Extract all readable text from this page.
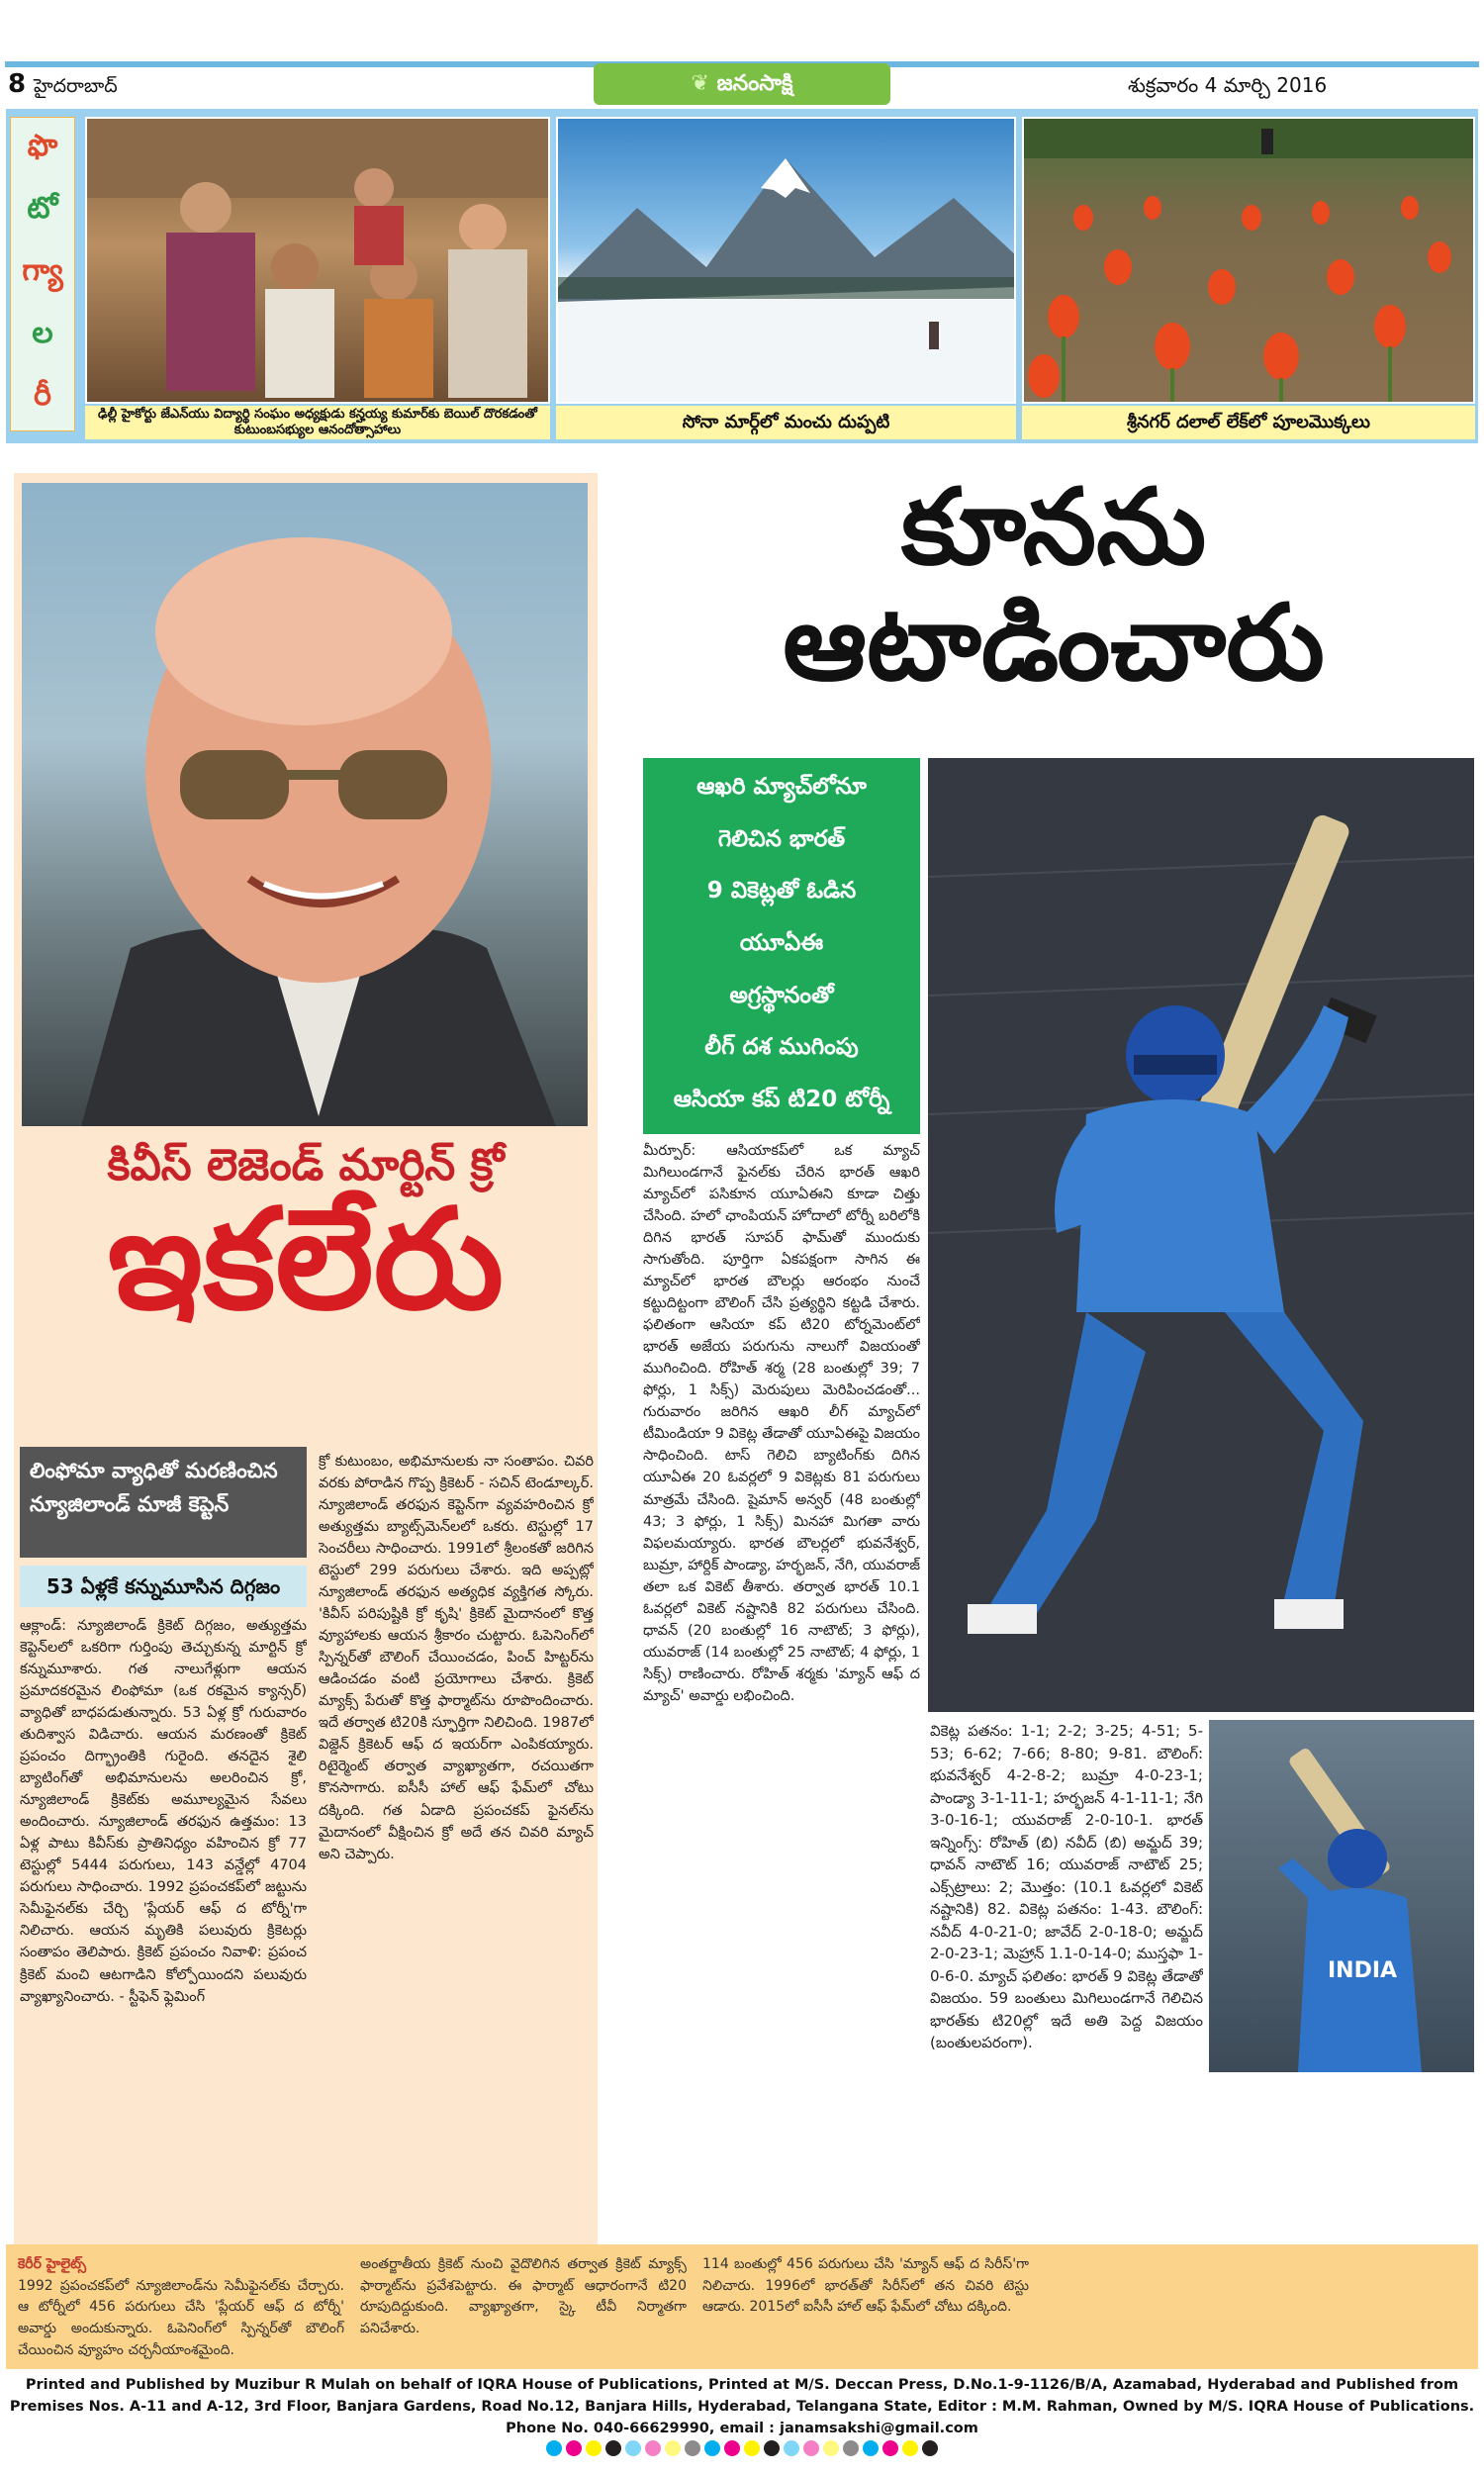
8 హైదరాబాద్	❦ జనంసాక్షి	శుక్రవారం 4 మార్చి 2016
ఫొ
టో
గ్యా
ల
రీ
ఢిల్లీ హైకోర్టు జేఎన్‌యు విద్యార్థి సంఘం అధ్యక్షుడు కన్హయ్య కుమార్‌కు బెయిల్ దొరకడంతో కుటుంబసభ్యుల ఆనందోత్సాహాలు	సోనా మార్గ్‌లో మంచు దుప్పటి	శ్రీనగర్ దలాల్ లేక్‌లో పూలమొక్కలు
కివీస్ లెజెండ్ మార్టిన్ క్రో
ఇకలేరు
లింఫోమా వ్యాధితో మరణించిన
న్యూజిలాండ్ మాజీ కెప్టెన్
53 ఏళ్లకే కన్నుమూసిన దిగ్గజం
ఆక్లాండ్: న్యూజిలాండ్ క్రికెట్ దిగ్గజం, అత్యుత్తమ కెప్టెన్‌లలో ఒకరిగా గుర్తింపు తెచ్చుకున్న మార్టిన్ క్రో కన్నుమూశారు. గత నాలుగేళ్లుగా ఆయన ప్రమాదకరమైన లింఫోమా (ఒక రకమైన క్యాన్సర్) వ్యాధితో బాధపడుతున్నారు. 53 ఏళ్ల క్రో గురువారం తుదిశ్వాస విడిచారు. ఆయన మరణంతో క్రికెట్ ప్రపంచం దిగ్భ్రాంతికి గురైంది. తనదైన శైలి బ్యాటింగ్‌తో అభిమానులను అలరించిన క్రో, న్యూజిలాండ్ క్రికెట్‌కు అమూల్యమైన సేవలు అందించారు. న్యూజిలాండ్ తరఫున ఉత్తమం: 13 ఏళ్ల పాటు కివీస్‌కు ప్రాతినిధ్యం వహించిన క్రో 77 టెస్టుల్లో 5444 పరుగులు, 143 వన్డేల్లో 4704 పరుగులు సాధించారు. 1992 ప్రపంచకప్‌లో జట్టును సెమీఫైనల్‌కు చేర్చి 'ప్లేయర్ ఆఫ్ ద టోర్నీ'గా నిలిచారు. ఆయన మృతికి పలువురు క్రికెటర్లు సంతాపం తెలిపారు. క్రికెట్ ప్రపంచం నివాళి: ప్రపంచ క్రికెట్ మంచి ఆటగాడిని కోల్పోయిందని పలువురు వ్యాఖ్యానించారు. - స్టీఫెన్ ఫ్లెమింగ్
క్రో కుటుంబం, అభిమానులకు నా సంతాపం. చివరి వరకు పోరాడిన గొప్ప క్రికెటర్ - సచిన్ టెండూల్కర్. న్యూజిలాండ్ తరఫున కెప్టెన్‌గా వ్యవహరించిన క్రో అత్యుత్తమ బ్యాట్స్‌మెన్‌లలో ఒకరు. టెస్టుల్లో 17 సెంచరీలు సాధించారు. 1991లో శ్రీలంకతో జరిగిన టెస్టులో 299 పరుగులు చేశారు. ఇది అప్పట్లో న్యూజిలాండ్ తరఫున అత్యధిక వ్యక్తిగత స్కోరు. 'కివీస్ పరిపుష్టికి క్రో కృషి' క్రికెట్ మైదానంలో కొత్త వ్యూహాలకు ఆయన శ్రీకారం చుట్టారు. ఓపెనింగ్‌లో స్పిన్నర్‌తో బౌలింగ్ చేయించడం, పించ్ హిట్టర్‌ను ఆడించడం వంటి ప్రయోగాలు చేశారు. క్రికెట్ మ్యాక్స్ పేరుతో కొత్త ఫార్మాట్‌ను రూపొందించారు. ఇదే తర్వాత టి20కి స్ఫూర్తిగా నిలిచింది. 1987లో విజ్డెన్ క్రికెటర్ ఆఫ్ ద ఇయర్‌గా ఎంపికయ్యారు. రిటైర్మెంట్ తర్వాత వ్యాఖ్యాతగా, రచయితగా కొనసాగారు. ఐసీసీ హాల్ ఆఫ్ ఫేమ్‌లో చోటు దక్కింది. గత ఏడాది ప్రపంచకప్ ఫైనల్‌ను మైదానంలో వీక్షించిన క్రో అదే తన చివరి మ్యాచ్ అని చెప్పారు.
కూనను
ఆటాడించారు
ఆఖరి మ్యాచ్‌లోనూ
గెలిచిన భారత్
9 వికెట్లతో ఓడిన
యూఏఈ
అగ్రస్థానంతో
లీగ్ దశ ముగింపు
ఆసియా కప్ టి20 టోర్నీ
మీర్పూర్: ఆసియాకప్‌లో ఒక మ్యాచ్ మిగిలుండగానే ఫైనల్‌కు చేరిన భారత్ ఆఖరి మ్యాచ్‌లో పసికూన యూఏఈని కూడా చిత్తు చేసింది. హలో ఛాంపియన్ హోదాలో టోర్నీ బరిలోకి దిగిన భారత్ సూపర్ ఫామ్‌తో ముందుకు సాగుతోంది. పూర్తిగా ఏకపక్షంగా సాగిన ఈ మ్యాచ్‌లో భారత బౌలర్లు ఆరంభం నుంచే కట్టుదిట్టంగా బౌలింగ్ చేసి ప్రత్యర్థిని కట్టడి చేశారు. ఫలితంగా ఆసియా కప్ టి20 టోర్నమెంట్‌లో భారత్ అజేయ పరుగును నాలుగో విజయంతో ముగించింది. రోహిత్ శర్మ (28 బంతుల్లో 39; 7 ఫోర్లు, 1 సిక్స్) మెరుపులు మెరిపించడంతో... గురువారం జరిగిన ఆఖరి లీగ్ మ్యాచ్‌లో టీమిండియా 9 వికెట్ల తేడాతో యూఏఈపై విజయం సాధించింది. టాస్ గెలిచి బ్యాటింగ్‌కు దిగిన యూఏఈ 20 ఓవర్లలో 9 వికెట్లకు 81 పరుగులు మాత్రమే చేసింది. షైమాన్ అన్వర్ (48 బంతుల్లో 43; 3 ఫోర్లు, 1 సిక్స్) మినహా మిగతా వారు విఫలమయ్యారు. భారత బౌలర్లలో భువనేశ్వర్, బుమ్రా, హార్దిక్ పాండ్యా, హర్భజన్, నేగి, యువరాజ్ తలా ఒక వికెట్ తీశారు. తర్వాత భారత్ 10.1 ఓవర్లలో వికెట్ నష్టానికి 82 పరుగులు చేసింది. ధావన్ (20 బంతుల్లో 16 నాటౌట్; 3 ఫోర్లు), యువరాజ్ (14 బంతుల్లో 25 నాటౌట్; 4 ఫోర్లు, 1 సిక్స్) రాణించారు. రోహిత్ శర్మకు 'మ్యాన్ ఆఫ్ ద మ్యాచ్' అవార్డు లభించింది.
INDIA
వికెట్ల పతనం: 1-1; 2-2; 3-25; 4-51; 5-53; 6-62; 7-66; 8-80; 9-81. బౌలింగ్: భువనేశ్వర్ 4-2-8-2; బుమ్రా 4-0-23-1; పాండ్యా 3-1-11-1; హర్భజన్ 4-1-11-1; నేగి 3-0-16-1; యువరాజ్ 2-0-10-1. భారత్ ఇన్నింగ్స్: రోహిత్ (బి) నవీద్ (బి) అమ్జద్ 39; ధావన్ నాటౌట్ 16; యువరాజ్ నాటౌట్ 25; ఎక్స్‌ట్రాలు: 2; మొత్తం: (10.1 ఓవర్లలో వికెట్ నష్టానికి) 82. వికెట్ల పతనం: 1-43. బౌలింగ్: నవీద్ 4-0-21-0; జావేద్ 2-0-18-0; అమ్జద్ 2-0-23-1; మెహ్రాన్ 1.1-0-14-0; ముస్తఫా 1-0-6-0. మ్యాచ్ ఫలితం: భారత్ 9 వికెట్ల తేడాతో విజయం. 59 బంతులు మిగిలుండగానే గెలిచిన భారత్‌కు టి20ల్లో ఇదే అతి పెద్ద విజయం (బంతులపరంగా).
కెరీర్ హైలైట్స్
1992 ప్రపంచకప్‌లో న్యూజిలాండ్‌ను సెమీఫైనల్‌కు చేర్చారు. ఆ టోర్నీలో 456 పరుగులు చేసి 'ప్లేయర్ ఆఫ్ ద టోర్నీ' అవార్డు అందుకున్నారు. ఓపెనింగ్‌లో స్పిన్నర్‌తో బౌలింగ్ చేయించిన వ్యూహం చర్చనీయాంశమైంది.
అంతర్జాతీయ క్రికెట్ నుంచి వైదొలిగిన తర్వాత క్రికెట్ మ్యాక్స్ ఫార్మాట్‌ను ప్రవేశపెట్టారు. ఈ ఫార్మాట్ ఆధారంగానే టి20 రూపుదిద్దుకుంది. వ్యాఖ్యాతగా, స్కై టీవీ నిర్మాతగా పనిచేశారు.
114 బంతుల్లో 456 పరుగులు చేసి 'మ్యాన్ ఆఫ్ ద సిరీస్'గా నిలిచారు. 1996లో భారత్‌తో సిరీస్‌లో తన చివరి టెస్టు ఆడారు. 2015లో ఐసీసీ హాల్ ఆఫ్ ఫేమ్‌లో చోటు దక్కింది.
Printed and Published by Muzibur R Mulah on behalf of IQRA House of Publications, Printed at M/S. Deccan Press, D.No.1-9-1126/B/A, Azamabad, Hyderabad and Published from Premises Nos. A-11 and A-12, 3rd Floor, Banjara Gardens, Road No.12, Banjara Hills, Hyderabad, Telangana State, Editor : M.M. Rahman, Owned by M/S. IQRA House of Publications. Phone No. 040-66629990, email : janamsakshi@gmail.com
